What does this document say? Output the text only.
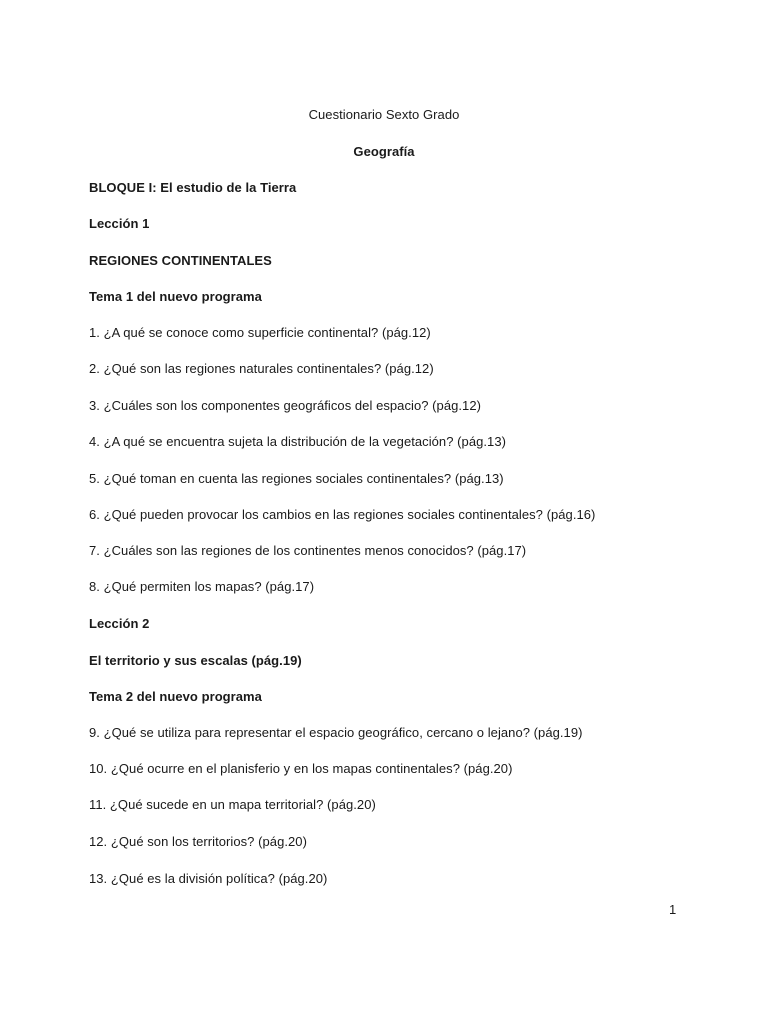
Cuestionario Sexto Grado
Geografía
BLOQUE I: El estudio de la Tierra
Lección 1
REGIONES CONTINENTALES
Tema 1 del nuevo programa
1. ¿A qué se conoce como superficie continental? (pág.12)
2. ¿Qué son las regiones naturales continentales? (pág.12)
3. ¿Cuáles son los componentes geográficos del espacio? (pág.12)
4. ¿A qué se encuentra sujeta la distribución de la vegetación? (pág.13)
5. ¿Qué toman en cuenta las regiones sociales continentales? (pág.13)
6. ¿Qué pueden provocar los cambios en las regiones sociales continentales? (pág.16)
7. ¿Cuáles son las regiones de los continentes menos conocidos? (pág.17)
8. ¿Qué permiten los mapas? (pág.17)
Lección 2
El territorio y sus escalas (pág.19)
Tema 2 del nuevo programa
9. ¿Qué se utiliza para representar el espacio geográfico, cercano o lejano? (pág.19)
10. ¿Qué ocurre en el planisferio y en los mapas continentales? (pág.20)
11. ¿Qué sucede en un mapa territorial? (pág.20)
12. ¿Qué son los territorios? (pág.20)
13. ¿Qué es la división política? (pág.20)
1
